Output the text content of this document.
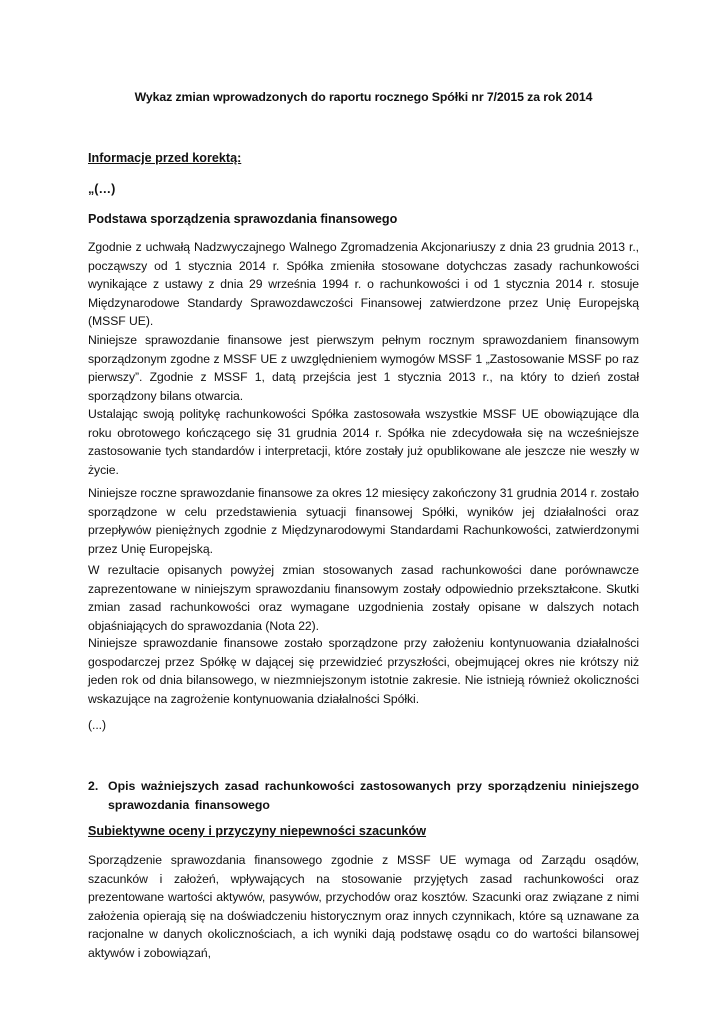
Wykaz zmian wprowadzonych do raportu rocznego Spółki nr 7/2015 za rok 2014
Informacje przed korektą:
„(…)
Podstawa sporządzenia sprawozdania finansowego
Zgodnie z uchwałą Nadzwyczajnego Walnego Zgromadzenia Akcjonariuszy z dnia 23 grudnia 2013 r., począwszy od 1 stycznia 2014 r. Spółka zmieniła stosowane dotychczas zasady rachunkowości wynikające z ustawy z dnia 29 września 1994 r. o rachunkowości i od 1 stycznia 2014 r. stosuje Międzynarodowe Standardy Sprawozdawczości Finansowej zatwierdzone przez Unię Europejską (MSSF UE).
Niniejsze sprawozdanie finansowe jest pierwszym pełnym rocznym sprawozdaniem finansowym sporządzonym zgodne z MSSF UE z uwzględnieniem wymogów MSSF 1 „Zastosowanie MSSF po raz pierwszy”. Zgodnie z MSSF 1, datą przejścia jest 1 stycznia 2013 r., na który to dzień został sporządzony bilans otwarcia.
Ustalając swoją politykę rachunkowości Spółka zastosowała wszystkie MSSF UE obowiązujące dla roku obrotowego kończącego się 31 grudnia 2014 r. Spółka nie zdecydowała się na wcześniejsze zastosowanie tych standardów i interpretacji, które zostały już opublikowane ale jeszcze nie weszły w życie.
Niniejsze roczne sprawozdanie finansowe za okres 12 miesięcy zakończony 31 grudnia 2014 r. zostało sporządzone w celu przedstawienia sytuacji finansowej Spółki, wyników jej działalności oraz przepływów pieniężnych zgodnie z Międzynarodowymi Standardami Rachunkowości, zatwierdzonymi przez Unię Europejską.
W rezultacie opisanych powyżej zmian stosowanych zasad rachunkowości dane porównawcze zaprezentowane w niniejszym sprawozdaniu finansowym zostały odpowiednio przekształcone. Skutki zmian zasad rachunkowości oraz wymagane uzgodnienia zostały opisane w dalszych notach objaśniających do sprawozdania (Nota 22).
Niniejsze sprawozdanie finansowe zostało sporządzone przy założeniu kontynuowania działalności gospodarczej przez Spółkę w dającej się przewidzieć przyszłości, obejmującej okres nie krótszy niż jeden rok od dnia bilansowego, w niezmniejszonym istotnie zakresie. Nie istnieją również okoliczności wskazujące na zagrożenie kontynuowania działalności Spółki.
(...)
2. Opis ważniejszych zasad rachunkowości zastosowanych przy sporządzeniu niniejszego sprawozdania finansowego
Subiektywne oceny i przyczyny niepewności szacunków
Sporządzenie sprawozdania finansowego zgodnie z MSSF UE wymaga od Zarządu osądów, szacunków i założeń, wpływających na stosowanie przyjętych zasad rachunkowości oraz prezentowane wartości aktywów, pasywów, przychodów oraz kosztów. Szacunki oraz związane z nimi założenia opierają się na doświadczeniu historycznym oraz innych czynnikach, które są uznawane za racjonalne w danych okolicznościach, a ich wyniki dają podstawę osądu co do wartości bilansowej aktywów i zobowiązań,
